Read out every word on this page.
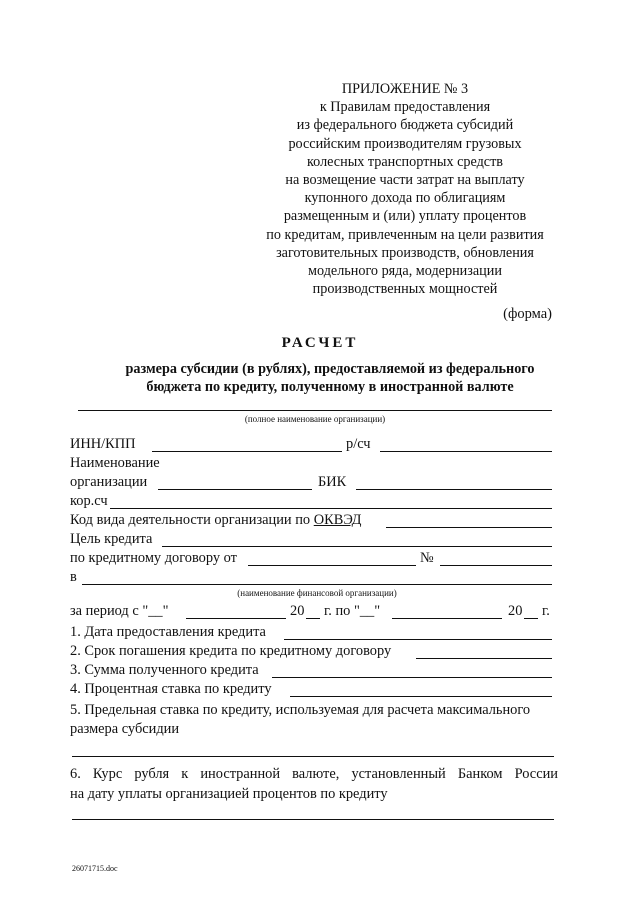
ПРИЛОЖЕНИЕ № 3
к Правилам предоставления
из федерального бюджета субсидий
российским производителям грузовых
колесных транспортных средств
на возмещение части затрат на выплату
купонного дохода по облигациям
размещенным и (или) уплату процентов
по кредитам, привлеченным на цели развития
заготовительных производств, обновления
модельного ряда, модернизации
производственных мощностей
(форма)
РАСЧЕТ
размера субсидии (в рублях), предоставляемой из федерального
бюджета по кредиту, полученному в иностранной валюте
(полное наименование организации)
ИНН/КПП	р/сч
Наименование
организации	БИК
кор.сч
Код вида деятельности организации по ОКВЭД
Цель кредита
по кредитному договору от	№
в
(наименование финансовой организации)
за период с "__"	20 г. по "__"	20 г.
1. Дата предоставления кредита
2. Срок погашения кредита по кредитному договору
3. Сумма полученного кредита
4. Процентная ставка по кредиту
5. Предельная ставка по кредиту, используемая для расчета максимального
размера субсидии
6. Курс рубля к иностранной валюте, установленный Банком России
на дату уплаты организацией процентов по кредиту
26071715.doc
